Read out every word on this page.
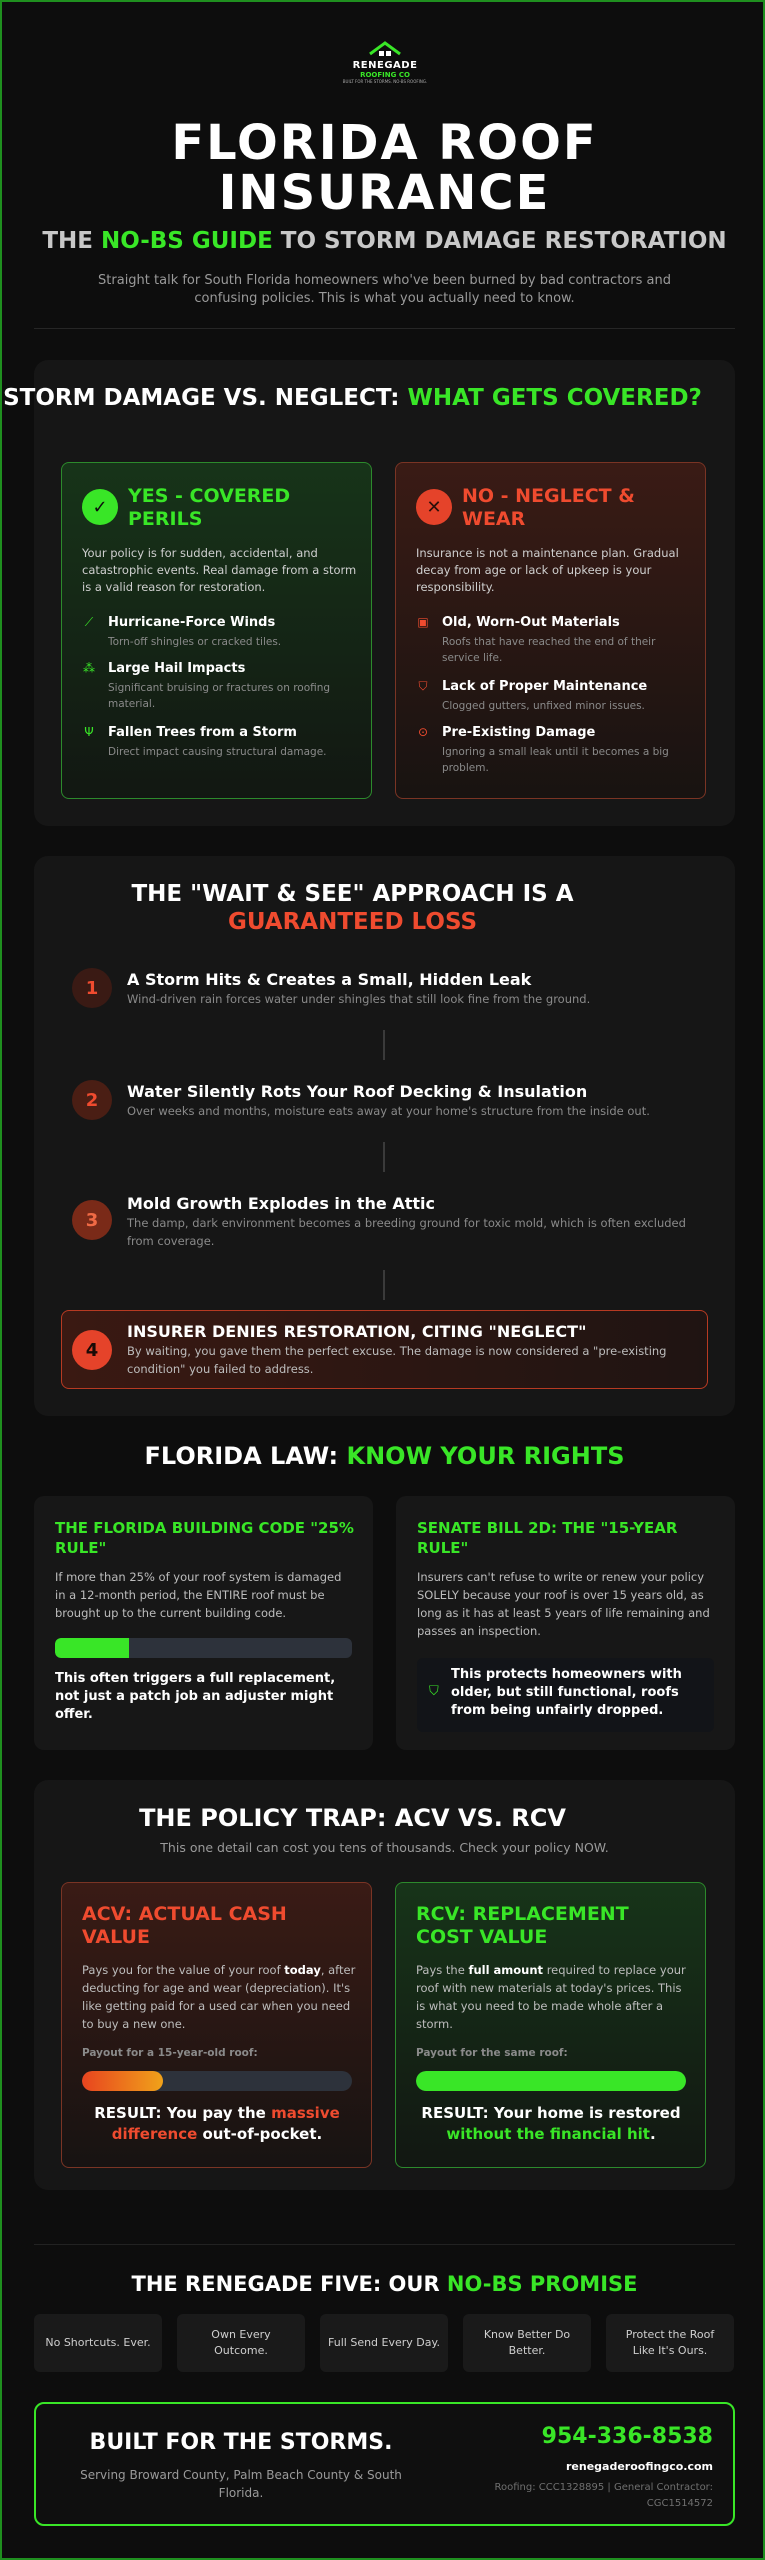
RENEGADE
ROOFING CO
BUILT FOR THE STORMS. NO-BS ROOFING.
FLORIDA ROOF
INSURANCE
THE NO-BS GUIDE TO STORM DAMAGE RESTORATION
Straight talk for South Florida homeowners who've been burned by bad contractors and confusing policies. This is what you actually need to know.
STORM DAMAGE VS. NEGLECT: WHAT GETS COVERED?
✓	YES - COVERED PERILS
Your policy is for sudden, accidental, and catastrophic events. Real damage from a storm is a valid reason for restoration.
⟋ Hurricane-Force Winds
Torn-off shingles or cracked tiles.
⁂ Large Hail Impacts
Significant bruising or fractures on roofing material.
Ψ Fallen Trees from a Storm
Direct impact causing structural damage.
✕	NO - NEGLECT & WEAR
Insurance is not a maintenance plan. Gradual decay from age or lack of upkeep is your responsibility.
▣ Old, Worn-Out Materials
Roofs that have reached the end of their service life.
⛉ Lack of Proper Maintenance
Clogged gutters, unfixed minor issues.
⊙ Pre-Existing Damage
Ignoring a small leak until it becomes a big problem.
THE "WAIT & SEE" APPROACH IS A
GUARANTEED LOSS
1	A Storm Hits & Creates a Small, Hidden Leak
Wind-driven rain forces water under shingles that still look fine from the ground.
2	Water Silently Rots Your Roof Decking & Insulation
Over weeks and months, moisture eats away at your home's structure from the inside out.
3
Mold Growth Explodes in the Attic
The damp, dark environment becomes a breeding ground for toxic mold, which is often excluded from coverage.
4
INSURER DENIES RESTORATION, CITING "NEGLECT"
By waiting, you gave them the perfect excuse. The damage is now considered a "pre-existing condition" you failed to address.
FLORIDA LAW: KNOW YOUR RIGHTS
THE FLORIDA BUILDING CODE "25% RULE"
If more than 25% of your roof system is damaged in a 12-month period, the ENTIRE roof must be brought up to the current building code.
This often triggers a full replacement, not just a patch job an adjuster might offer.
SENATE BILL 2D: THE "15-YEAR RULE"
Insurers can't refuse to write or renew your policy SOLELY because your roof is over 15 years old, as long as it has at least 5 years of life remaining and passes an inspection.
⛉
This protects homeowners with older, but still functional, roofs from being unfairly dropped.
THE POLICY TRAP: ACV VS. RCV
This one detail can cost you tens of thousands. Check your policy NOW.
ACV: ACTUAL CASH VALUE
Pays you for the value of your roof today, after deducting for age and wear (depreciation). It's like getting paid for a used car when you need to buy a new one.
Payout for a 15-year-old roof:
RESULT: You pay the massive difference out-of-pocket.
RCV: REPLACEMENT COST VALUE
Pays the full amount required to replace your roof with new materials at today's prices. This is what you need to be made whole after a storm.
Payout for the same roof:
RESULT: Your home is restored without the financial hit.
THE RENEGADE FIVE: OUR NO-BS PROMISE
No Shortcuts. Ever.
Own Every Outcome.
Full Send Every Day.
Know Better Do Better.
Protect the Roof Like It's Ours.
BUILT FOR THE STORMS.
Serving Broward County, Palm Beach County & South Florida.
954-336-8538
renegaderoofingco.com
Roofing: CCC1328895 | General Contractor: CGC1514572
